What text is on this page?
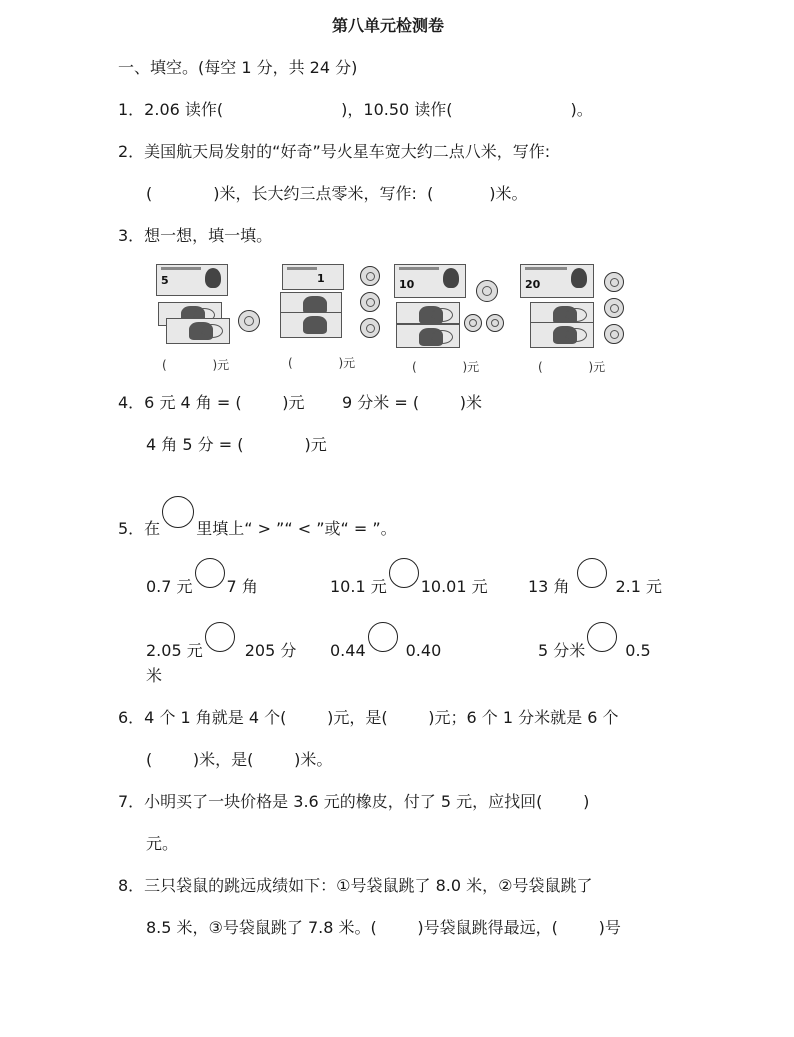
第八单元检测卷
一、填空。(每空 1 分，共 24 分)
1．2.06 读作(	)，10.50 读作(	)。
2．美国航天局发射的“好奇”号火星车宽大约二点八米，写作:
(            )米，长大约三点零米，写作:  (           )米。
3．想一想，填一填。
5
(            )元
1
(            )元
10
(            )元
20
(            )元
4．6 元 4 角 = (        )元 9 分米 = (        )米
4 角 5 分 = (            )元
5．在 里填上“ > ”“ < ”或“ = ”。
0.7 元 7 角	10.1 元 10.01 元	13 角	2.1 元
2.05 元	205 分 0.44	0.40	5 分米	0.5
米
6．4 个 1 角就是 4 个(        )元，是(        )元；6 个 1 分米就是 6 个
(        )米，是(        )米。
7．小明买了一块价格是 3.6 元的橡皮，付了 5 元，应找回(        )
元。
8．三只袋鼠的跳远成绩如下：①号袋鼠跳了 8.0 米，②号袋鼠跳了
8.5 米，③号袋鼠跳了 7.8 米。(        )号袋鼠跳得最远，(        )号
